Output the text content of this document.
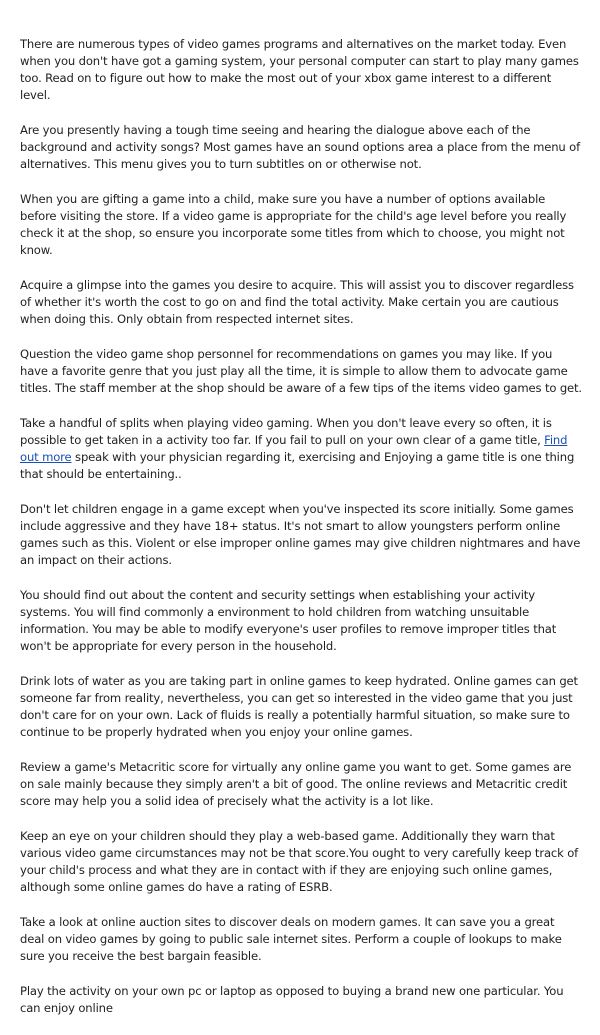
There are numerous types of video games programs and alternatives on the market today. Even when you don't have got a gaming system, your personal computer can start to play many games too. Read on to figure out how to make the most out of your xbox game interest to a different level.

Are you presently having a tough time seeing and hearing the dialogue above each of the background and activity songs? Most games have an sound options area a place from the menu of alternatives. This menu gives you to turn subtitles on or otherwise not.

When you are gifting a game into a child, make sure you have a number of options available before visiting the store. If a video game is appropriate for the child's age level before you really check it at the shop, so ensure you incorporate some titles from which to choose, you might not know.

Acquire a glimpse into the games you desire to acquire. This will assist you to discover regardless of whether it's worth the cost to go on and find the total activity. Make certain you are cautious when doing this. Only obtain from respected internet sites.

Question the video game shop personnel for recommendations on games you may like. If you have a favorite genre that you just play all the time, it is simple to allow them to advocate game titles. The staff member at the shop should be aware of a few tips of the items video games to get.

Take a handful of splits when playing video gaming. When you don't leave every so often, it is possible to get taken in a activity too far. If you fail to pull on your own clear of a game title, Find out more speak with your physician regarding it, exercising and Enjoying a game title is one thing that should be entertaining..

Don't let children engage in a game except when you've inspected its score initially. Some games include aggressive and they have 18+ status. It's not smart to allow youngsters perform online games such as this. Violent or else improper online games may give children nightmares and have an impact on their actions.

You should find out about the content and security settings when establishing your activity systems. You will find commonly a environment to hold children from watching unsuitable information. You may be able to modify everyone's user profiles to remove improper titles that won't be appropriate for every person in the household.

Drink lots of water as you are taking part in online games to keep hydrated. Online games can get someone far from reality, nevertheless, you can get so interested in the video game that you just don't care for on your own. Lack of fluids is really a potentially harmful situation, so make sure to continue to be properly hydrated when you enjoy your online games.

Review a game's Metacritic score for virtually any online game you want to get. Some games are on sale mainly because they simply aren't a bit of good. The online reviews and Metacritic credit score may help you a solid idea of precisely what the activity is a lot like.

Keep an eye on your children should they play a web-based game. Additionally they warn that various video game circumstances may not be that score.You ought to very carefully keep track of your child's process and what they are in contact with if they are enjoying such online games, although some online games do have a rating of ESRB.

Take a look at online auction sites to discover deals on modern games. It can save you a great deal on video games by going to public sale internet sites. Perform a couple of lookups to make sure you receive the best bargain feasible.

Play the activity on your own pc or laptop as opposed to buying a brand new one particular. You can enjoy online
